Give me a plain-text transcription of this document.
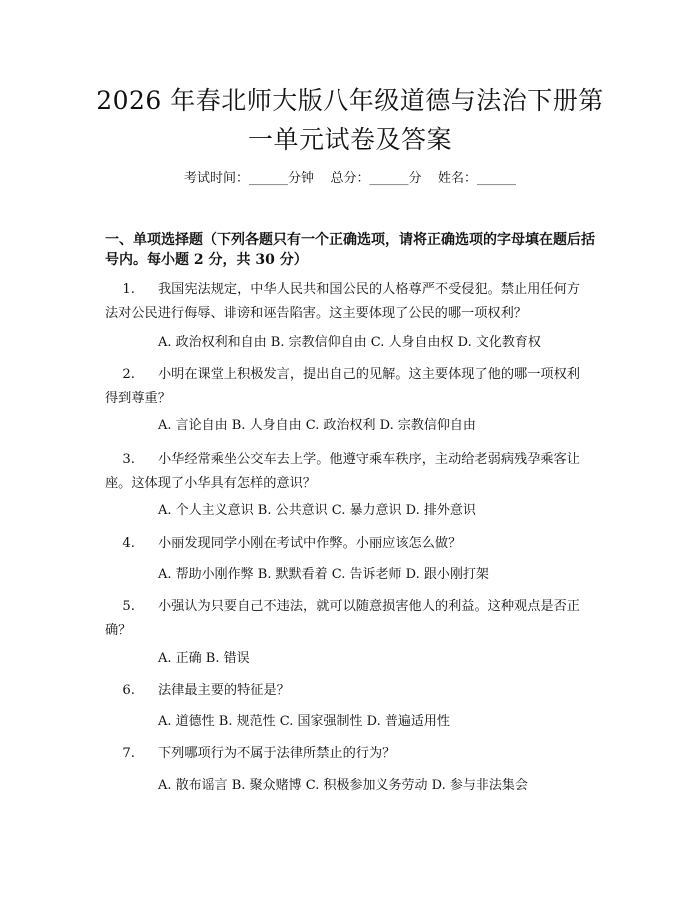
2026 年春北师大版八年级道德与法治下册第
一单元试卷及答案
考试时间：______分钟    总分：______分    姓名：______
一、单项选择题（下列各题只有一个正确选项，请将正确选项的字母填在题后括
号内。每小题 2 分，共 30 分）
1.	我国宪法规定，中华人民共和国公民的人格尊严不受侵犯。禁止用任何方
法对公民进行侮辱、诽谤和诬告陷害。这主要体现了公民的哪一项权利？
A. 政治权利和自由 B. 宗教信仰自由 C. 人身自由权 D. 文化教育权
2.	小明在课堂上积极发言，提出自己的见解。这主要体现了他的哪一项权利
得到尊重？
A. 言论自由 B. 人身自由 C. 政治权利 D. 宗教信仰自由
3.	小华经常乘坐公交车去上学。他遵守乘车秩序，主动给老弱病残孕乘客让
座。这体现了小华具有怎样的意识？
A. 个人主义意识 B. 公共意识 C. 暴力意识 D. 排外意识
4.	小丽发现同学小刚在考试中作弊。小丽应该怎么做？
A. 帮助小刚作弊 B. 默默看着 C. 告诉老师 D. 跟小刚打架
5.	小强认为只要自己不违法，就可以随意损害他人的利益。这种观点是否正
确？
A. 正确 B. 错误
6.	法律最主要的特征是？
A. 道德性 B. 规范性 C. 国家强制性 D. 普遍适用性
7.	下列哪项行为不属于法律所禁止的行为？
A. 散布谣言 B. 聚众赌博 C. 积极参加义务劳动 D. 参与非法集会
